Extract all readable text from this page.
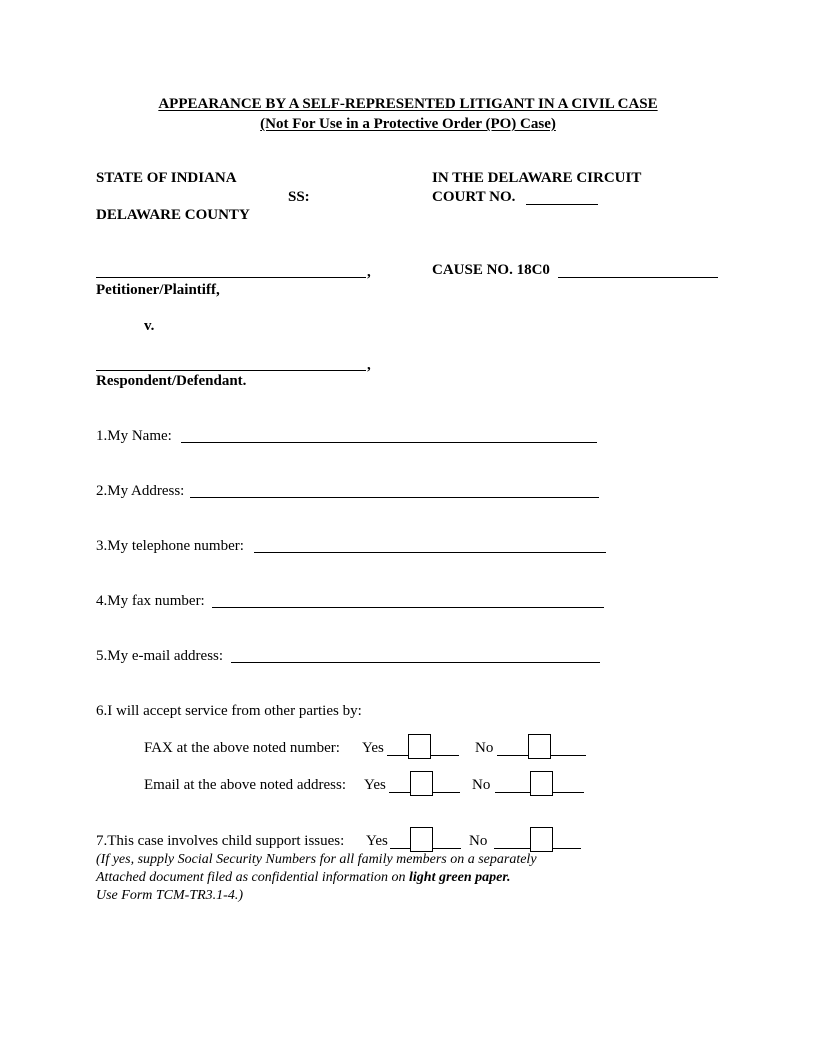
APPEARANCE BY A SELF-REPRESENTED LITIGANT IN A CIVIL CASE
(Not For Use in a Protective Order (PO) Case)
STATE OF INDIANA
SS:
DELAWARE COUNTY
IN THE DELAWARE CIRCUIT
COURT NO.
,
Petitioner/Plaintiff,
CAUSE NO. 18C0
v.
,
Respondent/Defendant.
1.My Name:
2.My Address:
3.My telephone number:
4.My fax number:
5.My e-mail address:
6.I will accept service from other parties by:
FAX at the above noted number: Yes	No
Email at the above noted address: Yes	No
7.This case involves child support issues: Yes	No
(If yes, supply Social Security Numbers for all family members on a separately
Attached document filed as confidential information on light green paper.
Use Form TCM-TR3.1-4.)
